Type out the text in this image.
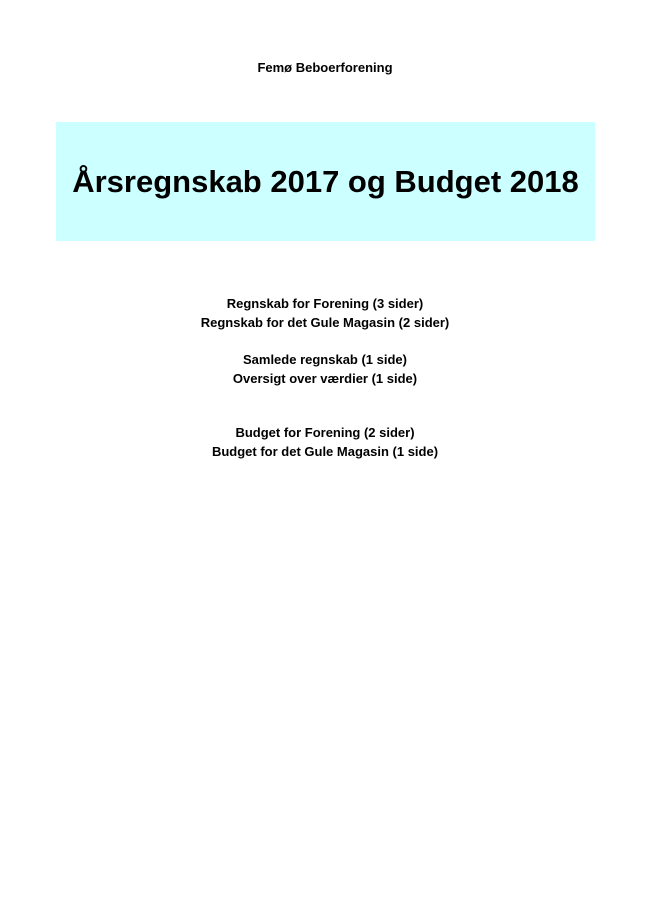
Femø Beboerforening
Årsregnskab 2017 og Budget 2018
Regnskab for Forening (3 sider)
Regnskab for det Gule Magasin (2 sider)
Samlede regnskab (1 side)
Oversigt over værdier (1 side)
Budget for Forening (2 sider)
Budget for det Gule Magasin (1 side)
